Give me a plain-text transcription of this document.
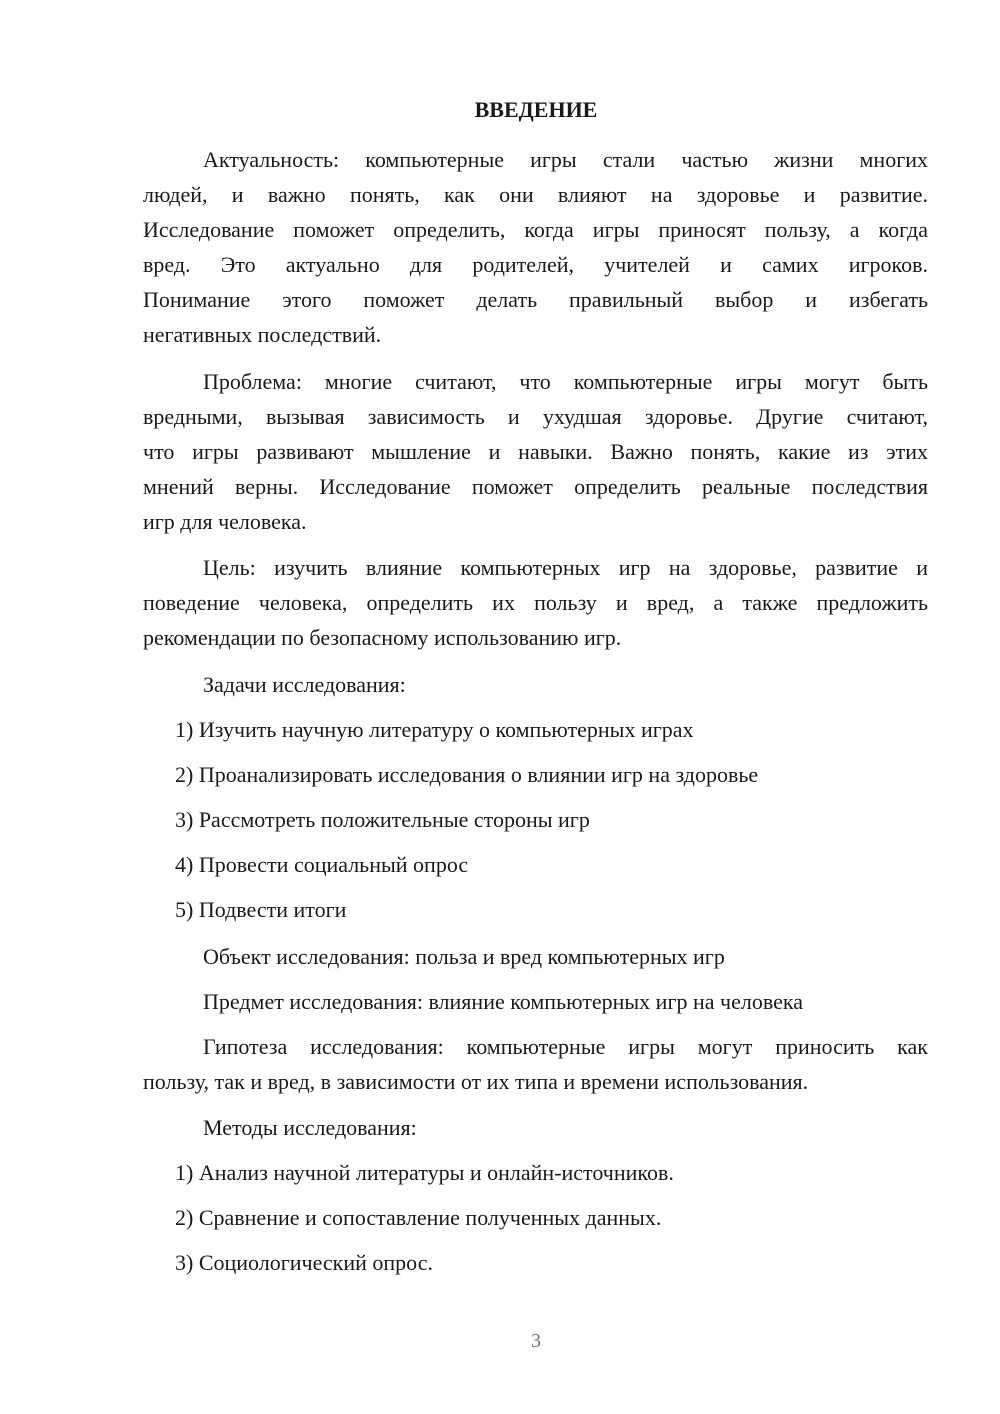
ВВЕДЕНИЕ
Актуальность: компьютерные игры стали частью жизни многих
людей, и важно понять, как они влияют на здоровье и развитие.
Исследование поможет определить, когда игры приносят пользу, а когда
вред. Это актуально для родителей, учителей и самих игроков.
Понимание этого поможет делать правильный выбор и избегать
негативных последствий.
Проблема: многие считают, что компьютерные игры могут быть
вредными, вызывая зависимость и ухудшая здоровье. Другие считают,
что игры развивают мышление и навыки. Важно понять, какие из этих
мнений верны. Исследование поможет определить реальные последствия
игр для человека.
Цель: изучить влияние компьютерных игр на здоровье, развитие и
поведение человека, определить их пользу и вред, а также предложить
рекомендации по безопасному использованию игр.
Задачи исследования:
1) Изучить научную литературу о компьютерных играх
2) Проанализировать исследования о влиянии игр на здоровье
3) Рассмотреть положительные стороны игр
4) Провести социальный опрос
5) Подвести итоги
Объект исследования: польза и вред компьютерных игр
Предмет исследования: влияние компьютерных игр на человека
Гипотеза исследования: компьютерные игры могут приносить как
пользу, так и вред, в зависимости от их типа и времени использования.
Методы исследования:
1) Анализ научной литературы и онлайн-источников.
2) Сравнение и сопоставление полученных данных.
3) Социологический опрос.
3
